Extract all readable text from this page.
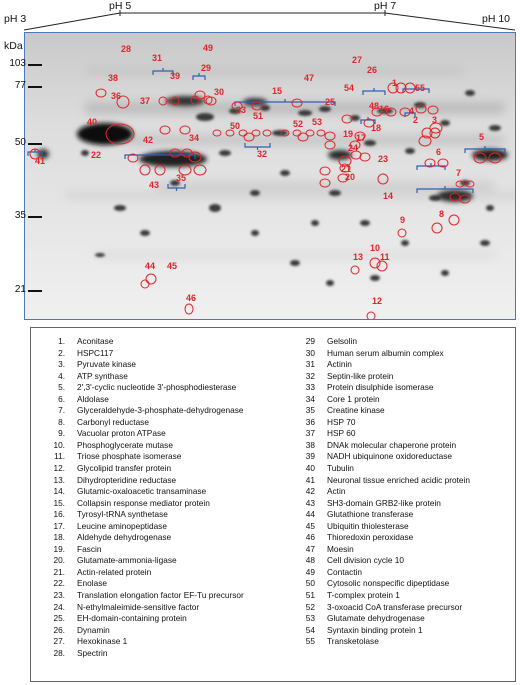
pH 3
pH 5	pH 7
pH 10
1
2 3
4
5
6
7
8
9
10
11
12
13
14
15
16
17
18
19
20
21
22	23
24
25
26
27
28
29
30
31
32
33
34
35
36 37
38	39
40
41
42
43
44 45
46
47
48
49
50
51
52 53
54	55
kDa
103
77
50
35
21
1. Aconitase
2. HSPC117
3. Pyruvate kinase
4. ATP synthase
5. 2',3'-cyclic nucleotide 3'-phosphodiesterase
6. Aldolase
7. Glyceraldehyde-3-phosphate-dehydrogenase
8. Carbonyl reductase
9. Vacuolar proton ATPase
10. Phosphoglycerate mutase
11. Triose phosphate isomerase
12. Glycolipid transfer protein
13. Dihydropteridine reductase
14. Glutamic-oxaloacetic transaminase
15. Collapsin response mediator protein
16. Tyrosyl-tRNA synthetase
17. Leucine aminopeptidase
18. Aldehyde dehydrogenase
19. Fascin
20. Glutamate-ammonia-ligase
21. Actin-related protein
22. Enolase
23. Translation elongation factor EF-Tu precursor
24. N-ethylmaleimide-sensitive factor
25. EH-domain-containing protein
26. Dynamin
27. Hexokinase 1
28. Spectrin
29 Gelsolin
30 Human serum albumin complex
31 Actinin
32 Septin-like protein
33 Protein disulphide isomerase
34 Core 1 protein
35 Creatine kinase
36 HSP 70
37 HSP 60
38 DNAk molecular chaperone protein
39 NADH ubiquinone oxidoreductase
40 Tubulin
41 Neuronal tissue enriched acidic protein
42 Actin
43 SH3-domain GRB2-like protein
44 Glutathione transferase
45 Ubiquitin thiolesterase
46 Thioredoxin peroxidase
47 Moesin
48 Cell division cycle 10
49 Contactin
50 Cytosolic nonspecific dipeptidase
51 T-complex protein 1
52 3-oxoacid CoA transferase precursor
53 Glutamate dehydrogenase
54 Syntaxin binding protein 1
55 Transketolase
